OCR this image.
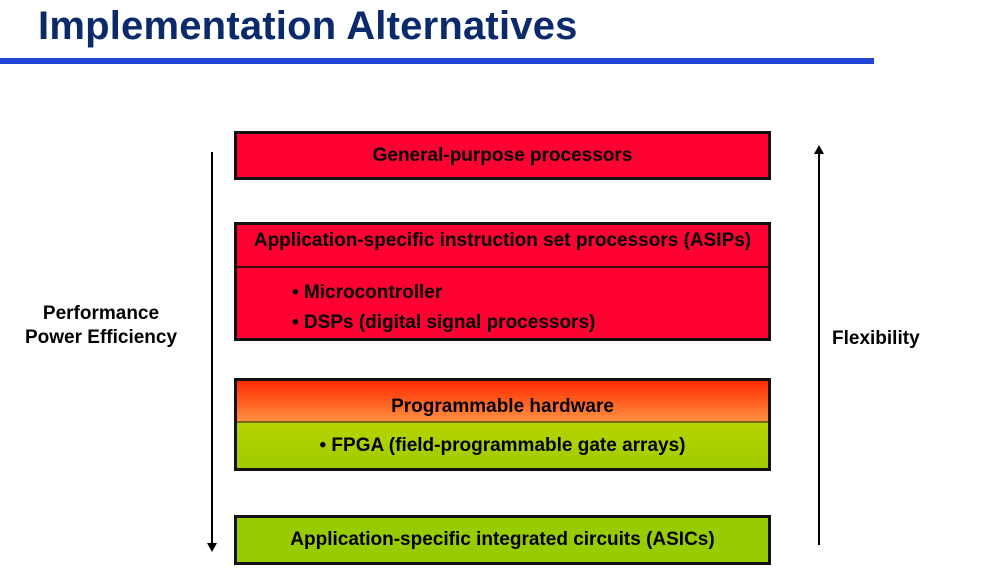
Implementation Alternatives
Performance
Power Efficiency	Flexibility
General-purpose processors
Application-specific instruction set processors (ASIPs)
• Microcontroller
• DSPs (digital signal processors)
Programmable hardware
• FPGA (field-programmable gate arrays)
Application-specific integrated circuits (ASICs)
